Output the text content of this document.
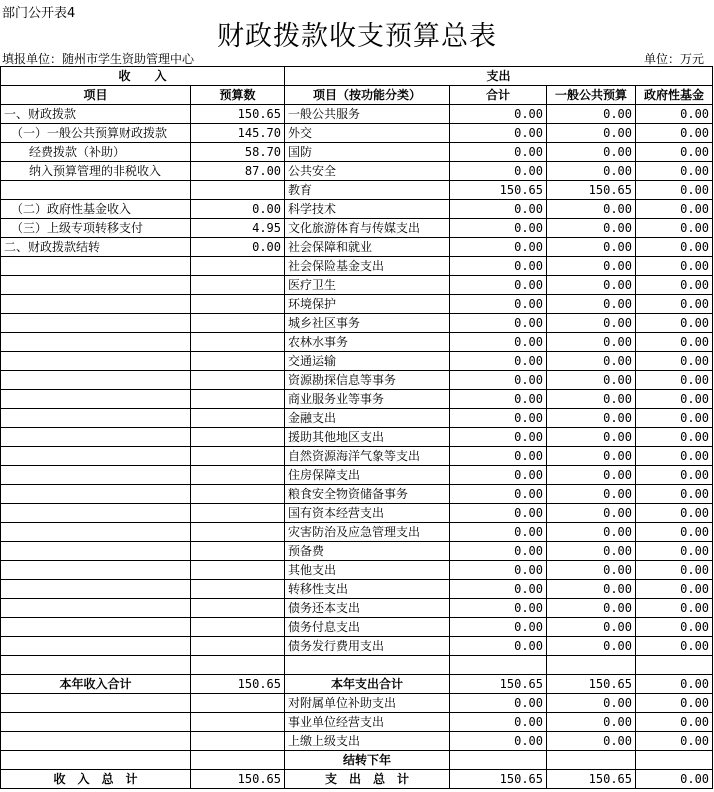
部门公开表4
财政拨款收支预算总表
填报单位：随州市学生资助管理中心	单位：万元
收　　入		支出			
项目	预算数	项目（按功能分类）	合计	一般公共预算	政府性基金
一、财政拨款	150.65	一般公共服务	0.00	0.00	0.00
（一）一般公共预算财政拨款	145.70	外交	0.00	0.00	0.00
经费拨款（补助）	58.70	国防	0.00	0.00	0.00
纳入预算管理的非税收入	87.00	公共安全	0.00	0.00	0.00
		教育	150.65	150.65	0.00
（二）政府性基金收入	0.00	科学技术	0.00	0.00	0.00
（三）上级专项转移支付	4.95	文化旅游体育与传媒支出	0.00	0.00	0.00
二、财政拨款结转	0.00	社会保障和就业	0.00	0.00	0.00
		社会保险基金支出	0.00	0.00	0.00
		医疗卫生	0.00	0.00	0.00
		环境保护	0.00	0.00	0.00
		城乡社区事务	0.00	0.00	0.00
		农林水事务	0.00	0.00	0.00
		交通运输	0.00	0.00	0.00
		资源勘探信息等事务	0.00	0.00	0.00
		商业服务业等事务	0.00	0.00	0.00
		金融支出	0.00	0.00	0.00
		援助其他地区支出	0.00	0.00	0.00
		自然资源海洋气象等支出	0.00	0.00	0.00
		住房保障支出	0.00	0.00	0.00
		粮食安全物资储备事务	0.00	0.00	0.00
		国有资本经营支出	0.00	0.00	0.00
		灾害防治及应急管理支出	0.00	0.00	0.00
		预备费	0.00	0.00	0.00
		其他支出	0.00	0.00	0.00
		转移性支出	0.00	0.00	0.00
		债务还本支出	0.00	0.00	0.00
		债务付息支出	0.00	0.00	0.00
		债务发行费用支出	0.00	0.00	0.00

本年收入合计	150.65	本年支出合计	150.65	150.65	0.00
		对附属单位补助支出	0.00	0.00	0.00
		事业单位经营支出	0.00	0.00	0.00
		上缴上级支出	0.00	0.00	0.00
		结转下年			
收　入　总　计	150.65	支　出　总　计	150.65	150.65	0.00
